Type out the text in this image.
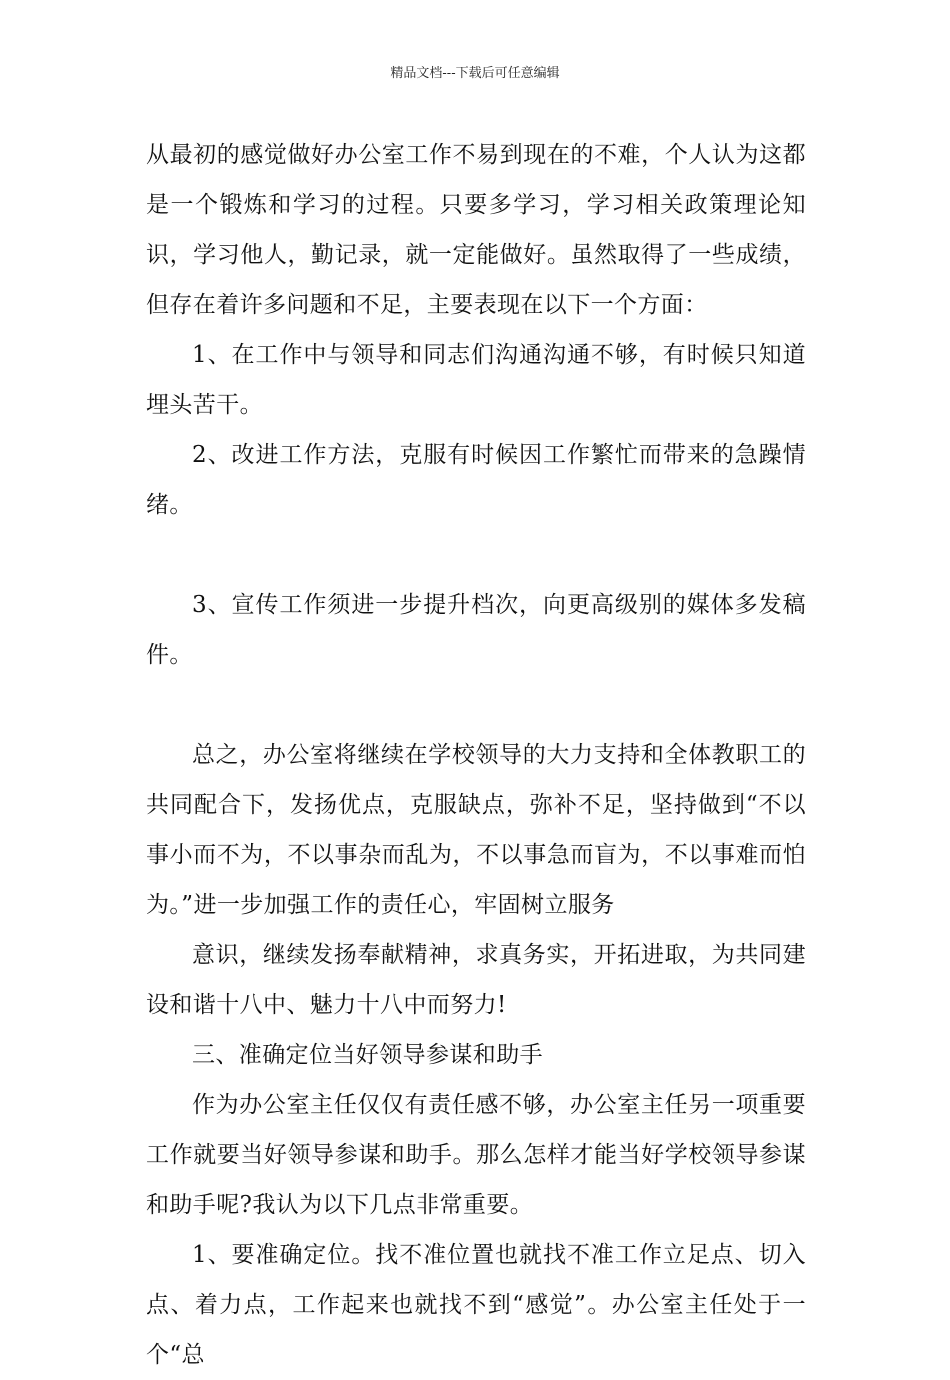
精品文档---下载后可任意编辑

从最初的感觉做好办公室工作不易到现在的不难，个人认为这都是一个锻炼和学习的过程。只要多学习，学习相关政策理论知识，学习他人，勤记录，就一定能做好。虽然取得了一些成绩，但存在着许多问题和不足，主要表现在以下一个方面：

1、在工作中与领导和同志们沟通沟通不够，有时候只知道埋头苦干。

2、改进工作方法，克服有时候因工作繁忙而带来的急躁情绪。

3、宣传工作须进一步提升档次，向更高级别的媒体多发稿件。

总之，办公室将继续在学校领导的大力支持和全体教职工的共同配合下，发扬优点，克服缺点，弥补不足，坚持做到“不以事小而不为，不以事杂而乱为，不以事急而盲为，不以事难而怕为。”进一步加强工作的责任心，牢固树立服务

意识，继续发扬奉献精神，求真务实，开拓进取，为共同建设和谐十八中、魅力十八中而努力!

三、准确定位当好领导参谋和助手

作为办公室主任仅仅有责任感不够，办公室主任另一项重要工作就要当好领导参谋和助手。那么怎样才能当好学校领导参谋和助手呢?我认为以下几点非常重要。

1、要准确定位。找不准位置也就找不准工作立足点、切入点、着力点，工作起来也就找不到“感觉”。办公室主任处于一个“总
